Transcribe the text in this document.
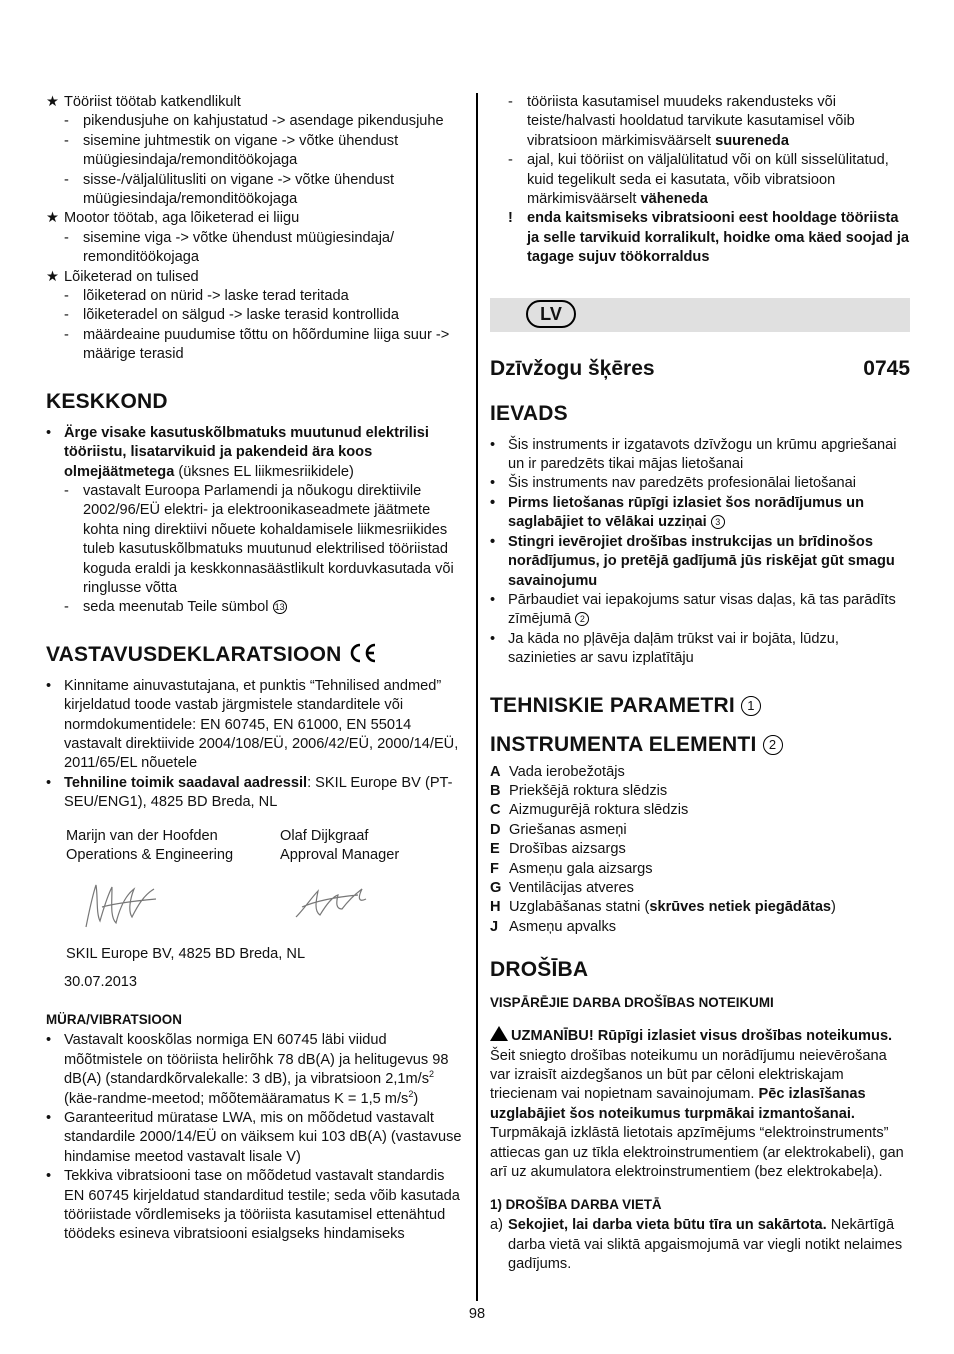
★ Tööriist töötab katkendlikult
- pikendusjuhe on kahjustatud -> asendage pikendusjuhe
- sisemine juhtmestik on vigane -> võtke ühendust müügiesindaja/remonditöökojaga
- sisse-/väljalülitusliti on vigane -> võtke ühendust müügiesindaja/remonditöökojaga
★ Mootor töötab, aga lõiketerad ei liigu
- sisemine viga -> võtke ühendust müügiesindaja/ remonditöökojaga
★ Lõiketerad on tulised
- lõiketerad on nürid -> laske terad teritada
- lõiketeradel on sälgud -> laske terasid kontrollida
- määrdeaine puudumise tõttu on hõõrdumine liiga suur -> määrige terasid
KESKKOND
• Ärge visake kasutuskõlbmatuks muutunud elektrilisi tööriistu, lisatarvikuid ja pakendeid ära koos olmejäätmetega (üksnes EL liikmesriikidele)
- vastavalt Euroopa Parlamendi ja nõukogu direktiivile 2002/96/EÜ elektri- ja elektroonikaseadmete jäätmete kohta ning direktiivi nõuete kohaldamisele liikmesriikides tuleb kasutuskõlbmatuks muutunud elektrilised tööriistad koguda eraldi ja keskkonnasäästlikult korduvkasutada või ringlusse võtta
- seda meenutab Teile sümbol 13
VASTAVUSDEKLARATSIOON
• Kinnitame ainuvastutajana, et punktis “Tehnilised andmed” kirjeldatud toode vastab järgmistele standarditele või normdokumentidele: EN 60745, EN 61000, EN 55014 vastavalt direktiivide 2004/108/EÜ, 2006/42/EÜ, 2000/14/EÜ, 2011/65/EL nõuetele
• Tehniline toimik saadaval aadressil: SKIL Europe BV (PT-SEU/ENG1), 4825 BD Breda, NL
Marijn van der Hoofden
Operations & Engineering
Olaf Dijkgraaf
Approval Manager
SKIL Europe BV, 4825 BD Breda, NL
30.07.2013
MÜRA/VIBRATSIOON
• Vastavalt kooskõlas normiga EN 60745 läbi viidud mõõtmistele on tööriista helirõhk 78 dB(A) ja helitugevus 98 dB(A) (standardkõrvalekalle: 3 dB), ja vibratsioon $2,1m/s^2$ (käe-randme-meetod; mõõtemääramatus K = 1,5 $m/s^2$)
• Garanteeritud müratase LWA, mis on mõõdetud vastavalt standardile 2000/14/EÜ on väiksem kui 103 dB(A) (vastavuse hindamise meetod vastavalt lisale V)
• Tekkiva vibratsiooni tase on mõõdetud vastavalt standardis EN 60745 kirjeldatud standarditud testile; seda võib kasutada tööriistade võrdlemiseks ja tööriista kasutamisel ettenähtud töödeks esineva vibratsiooni esialgseks hindamiseks
- tööriista kasutamisel muudeks rakendusteks või teiste/halvasti hooldatud tarvikute kasutamisel võib vibratsioon märkimisväärselt suureneda
- ajal, kui tööriist on väljalülitatud või on küll sisselülitatud, kuid tegelikult seda ei kasutata, võib vibratsioon märkimisväärselt väheneda
! enda kaitsmiseks vibratsiooni eest hooldage tööriista ja selle tarvikuid korralikult, hoidke oma käed soojad ja tagage sujuv töökorraldus
LV
Dzīvžogu šķēres	0745
IEVADS
• Šis instruments ir izgatavots dzīvžogu un krūmu apgriešanai un ir paredzēts tikai mājas lietošanai
• Šis instruments nav paredzēts profesionālai lietošanai
• Pirms lietošanas rūpīgi izlasiet šos norādījumus un saglabājiet to vēlākai uzziņai 3
• Stingri ievērojiet drošības instrukcijas un brīdinošos norādījumus, jo pretējā gadījumā jūs riskējat gūt smagu savainojumu
• Pārbaudiet vai iepakojums satur visas daļas, kā tas parādīts zīmējumā 2
• Ja kāda no pļāvēja daļām trūkst vai ir bojāta, lūdzu, sazinieties ar savu izplatītāju
TEHNISKIE PARAMETRI 1
INSTRUMENTA ELEMENTI 2
A Vada ierobežotājs
B Priekšējā roktura slēdzis
C Aizmugurējā roktura slēdzis
D Griešanas asmeņi
E Drošības aizsargs
F Asmeņu gala aizsargs
G Ventilācijas atveres
H Uzglabāšanas statni (skrūves netiek piegādātas)
J Asmeņu apvalks
DROŠĪBA
VISPĀRĒJIE DARBA DROŠĪBAS NOTEIKUMI
UZMANĪBU! Rūpīgi izlasiet visus drošības noteikumus. Šeit sniegto drošības noteikumu un norādījumu neievērošana var izraisīt aizdegšanos un būt par cēloni elektriskajam triecienam vai nopietnam savainojumam. Pēc izlasīšanas uzglabājiet šos noteikumus turpmākai izmantošanai. Turpmākajā izklāstā lietotais apzīmējums “elektroinstruments” attiecas gan uz tīkla elektroinstrumentiem (ar elektrokabeli), gan arī uz akumulatora elektroinstrumentiem (bez elektrokabeļa).
1) DROŠĪBA DARBA VIETĀ
a) Sekojiet, lai darba vieta būtu tīra un sakārtota. Nekārtīgā darba vietā vai sliktā apgaismojumā var viegli notikt nelaimes gadījums.
98
